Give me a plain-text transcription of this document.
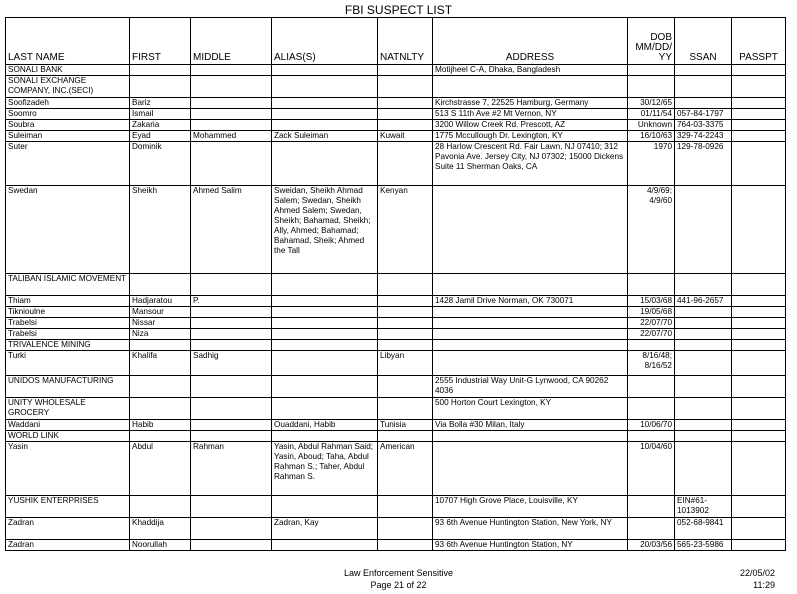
FBI SUSPECT LIST
LAST NAME	FIRST	MIDDLE	ALIAS(S)	NATNLTY	ADDRESS	DOB MM/DD/ YY	SSAN	PASSPT
SONALI BANK					Motijheel C-A, Dhaka, Bangladesh			
SONALI EXCHANGE COMPANY, INC.(SECI)								
Soofizadeh	Bariz				Kirchstrasse 7, 22525 Hamburg, Germany	30/12/65		
Soomro	Ismail				513 S 11th Ave #2 Mt Vernon, NY	01/11/54	057-84-1797	
Soubra	Zakaria				3200 Willow Creek Rd. Prescott, AZ	Unknown	764-03-3375	
Suleiman	Eyad	Mohammed	Zack Suleiman	Kuwait	1775 Mccullough Dr. Lexington, KY	16/10/63	329-74-2243	
Suter	Dominik				28 Harlow Crescent Rd. Fair Lawn, NJ 07410; 312 Pavonia Ave. Jersey City, NJ 07302; 15000 Dickens Suite 11 Sherman Oaks, CA	1970	129-78-0926	
Swedan	Sheikh	Ahmed Salim	Sweidan, Sheikh Ahmad Salem; Swedan, Sheikh Ahmed Salem; Swedan, Sheikh; Bahamad, Sheikh; Ally, Ahmed; Bahamad; Bahamad, Sheik; Ahmed the Tall	Kenyan		4/9/69; 4/9/60		
TALIBAN ISLAMIC MOVEMENT								
Thiam	Hadjaratou	P.			1428 Jamil Drive Norman, OK 730071	15/03/68	441-96-2657	
Tiknioulne	Mansour					19/05/68		
Trabelsi	Nissar					22/07/70		
Trabelsi	Niza					22/07/70		
TRIVALENCE MINING								
Turki	Khalifa	Sadhig		Libyan		8/16/48; 8/16/52		
UNIDOS MANUFACTURING					2555 Industrial Way Unit-G Lynwood, CA 90262 4036			
UNITY WHOLESALE GROCERY					500 Horton Court Lexington, KY			
Waddani	Habib		Ouaddani, Habib	Tunisia	Via Bolla #30 Milan, Italy	10/06/70		
WORLD LINK								
Yasin	Abdul	Rahman	Yasin, Abdul Rahman Said; Yasin, Aboud; Taha, Abdul Rahman S.; Taher, Abdul Rahman S.	American		10/04/60		
YUSHIK ENTERPRISES					10707 High Grove Place, Louisville, KY		EIN#61-1013902	
Zadran	Khaddija		Zadran, Kay		93 6th Avenue Huntington Station, New York, NY		052-68-9841	
Zadran	Noorullah				93 6th Avenue Huntington Station, NY	20/03/56	565-23-5986	
Law Enforcement Sensitive
Page 21 of 22
22/05/02
11:29
